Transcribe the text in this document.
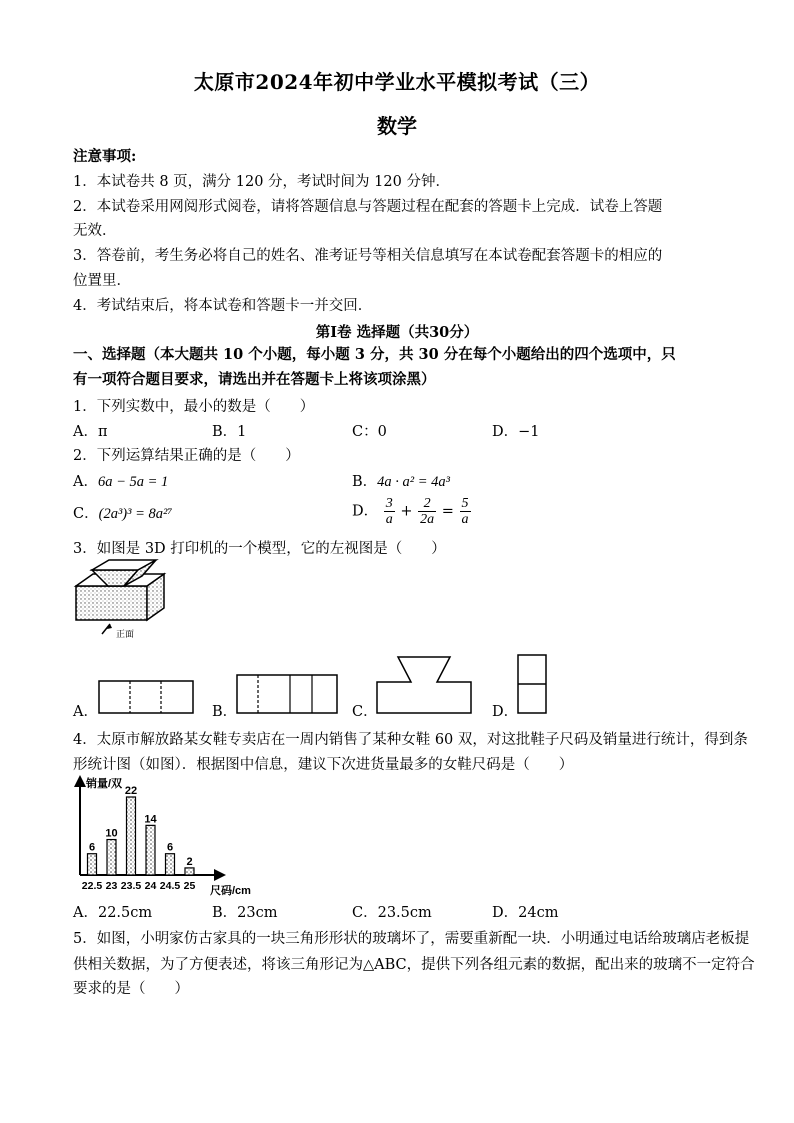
太原市2024年初中学业水平模拟考试（三）
数学
注意事项:
1．本试卷共 8 页，满分 120 分，考试时间为 120 分钟．
2．本试卷采用网阅形式阅卷，请将答题信息与答题过程在配套的答题卡上完成．试卷上答题
无效．
3．答卷前，考生务必将自己的姓名、准考证号等相关信息填写在本试卷配套答题卡的相应的
位置里．
4．考试结束后，将本试卷和答题卡一并交回．
第Ⅰ卷 选择题（共30分）
一、选择题（本大题共 10 个小题，每小题 3 分，共 30 分在每个小题给出的四个选项中，只
有一项符合题目要求，请选出并在答题卡上将该项涂黑）
1．下列实数中，最小的数是（　　）
A．π	B．1	C：0	D．−1
2．下列运算结果正确的是（　　）
A．6a − 5a = 1	B．4a · a² = 4a³
C．(2a³)³ = 8a²⁷	D． $\frac{3}{a} + \frac{2}{2a} = \frac{5}{a}$
3．如图是 3D 打印机的一个模型，它的左视图是（　　）
正面
A．	B．	C．	D．
4．太原市解放路某女鞋专卖店在一周内销售了某种女鞋 60 双，对这批鞋子尺码及销量进行统计，得到条
形统计图（如图）．根据图中信息，建议下次进货量最多的女鞋尺码是（　　）
销量/双
尺码/cm
6
22.5
10
23
22
23.5
14
24
6
24.5
2
25
A．22.5cm	B．23cm	C．23.5cm	D．24cm
5．如图，小明家仿古家具的一块三角形形状的玻璃坏了，需要重新配一块．小明通过电话给玻璃店老板提
供相关数据，为了方便表述，将该三角形记为△ABC，提供下列各组元素的数据，配出来的玻璃不一定符合
要求的是（　　）
